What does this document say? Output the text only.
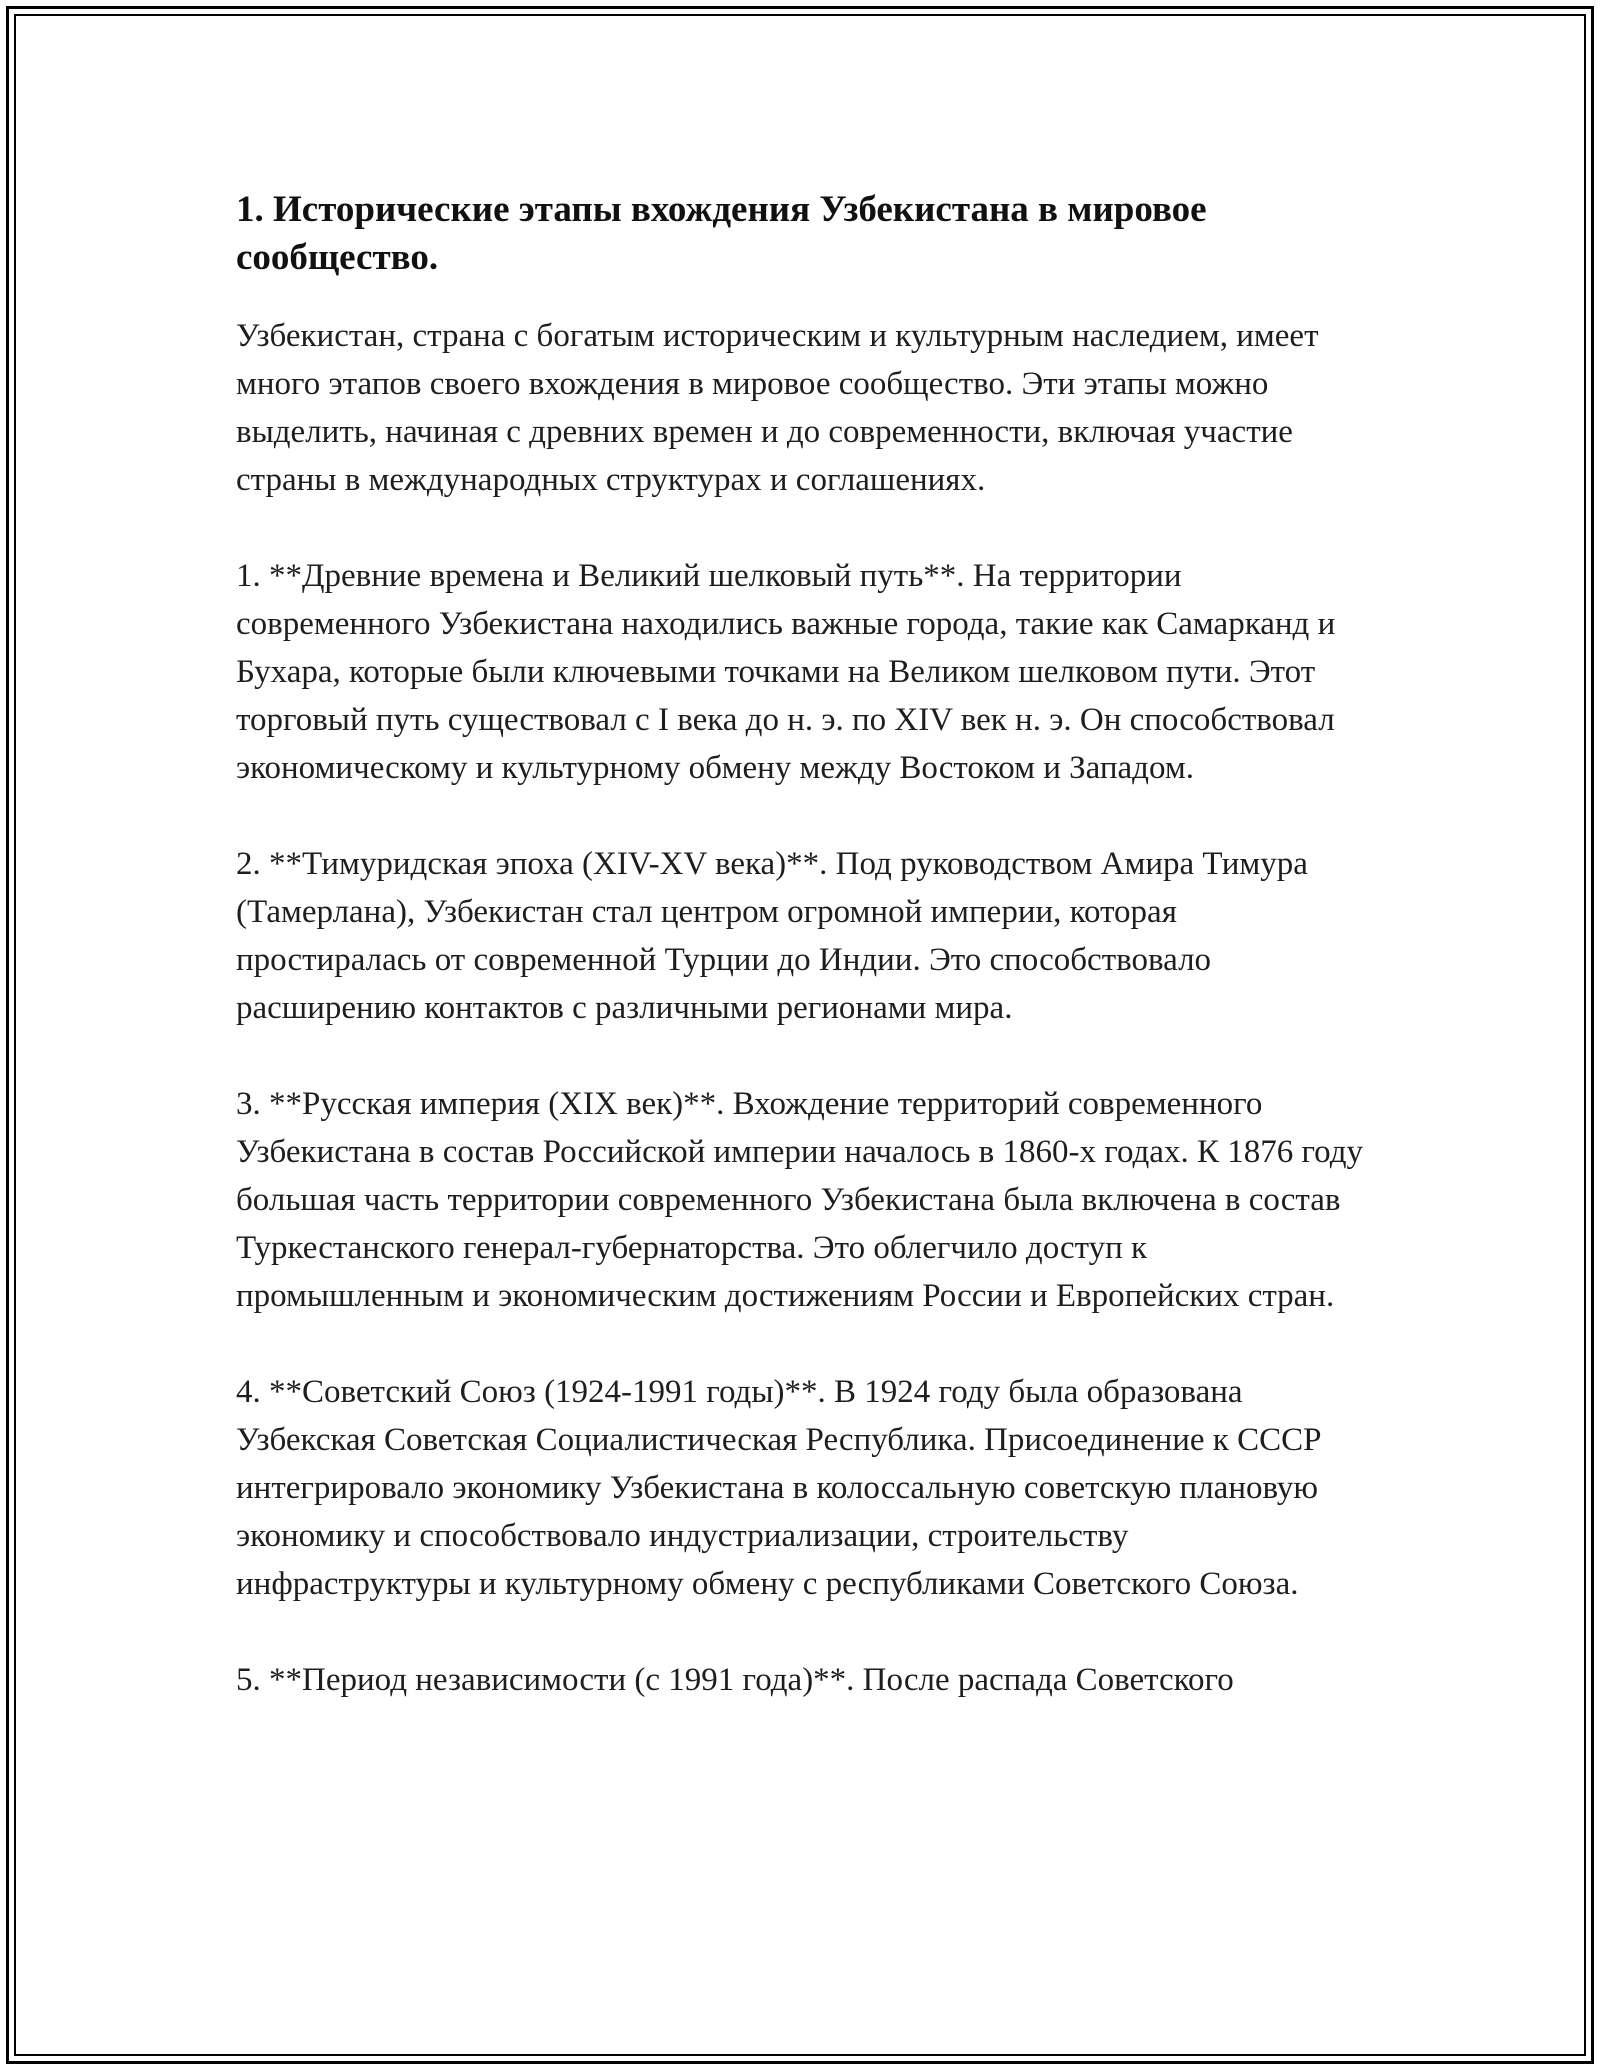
1. Исторические этапы вхождения Узбекистана в мировое сообщество.

Узбекистан, страна с богатым историческим и культурным наследием, имеет много этапов своего вхождения в мировое сообщество. Эти этапы можно выделить, начиная с древних времен и до современности, включая участие страны в международных структурах и соглашениях.

1. **Древние времена и Великий шелковый путь**. На территории современного Узбекистана находились важные города, такие как Самарканд и Бухара, которые были ключевыми точками на Великом шелковом пути. Этот торговый путь существовал с I века до н. э. по XIV век н. э. Он способствовал экономическому и культурному обмену между Востоком и Западом.

2. **Тимуридская эпоха (XIV-XV века)**. Под руководством Амира Тимура (Тамерлана), Узбекистан стал центром огромной империи, которая простиралась от современной Турции до Индии. Это способствовало расширению контактов с различными регионами мира.

3. **Русская империя (XIX век)**. Вхождение территорий современного Узбекистана в состав Российской империи началось в 1860-х годах. К 1876 году большая часть территории современного Узбекистана была включена в состав Туркестанского генерал-губернаторства. Это облегчило доступ к промышленным и экономическим достижениям России и Европейских стран.

4. **Советский Союз (1924-1991 годы)**. В 1924 году была образована Узбекская Советская Социалистическая Республика. Присоединение к СССР интегрировало экономику Узбекистана в колоссальную советскую плановую экономику и способствовало индустриализации, строительству инфраструктуры и культурному обмену с республиками Советского Союза.

5. **Период независимости (с 1991 года)**. После распада Советского
